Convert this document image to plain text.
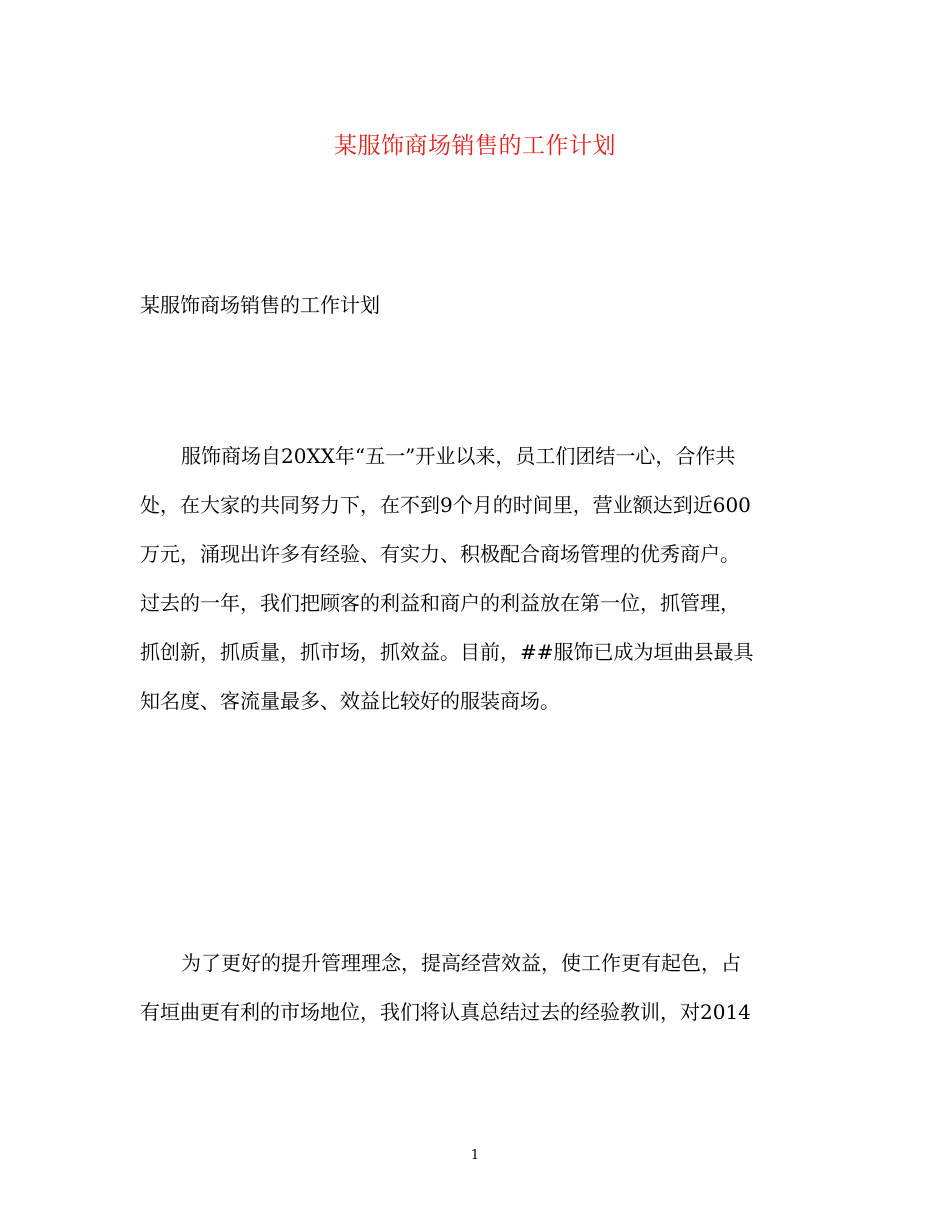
某服饰商场销售的工作计划
某服饰商场销售的工作计划

服饰商场自20XX年“五一”开业以来，员工们团结一心，合作共
处，在大家的共同努力下，在不到9个月的时间里，营业额达到近600
万元，涌现出许多有经验、有实力、积极配合商场管理的优秀商户。
过去的一年，我们把顾客的利益和商户的利益放在第一位，抓管理，
抓创新，抓质量，抓市场，抓效益。目前，##服饰已成为垣曲县最具
知名度、客流量最多、效益比较好的服装商场。

为了更好的提升管理理念，提高经营效益，使工作更有起色，占
有垣曲更有利的市场地位，我们将认真总结过去的经验教训，对2014

1
